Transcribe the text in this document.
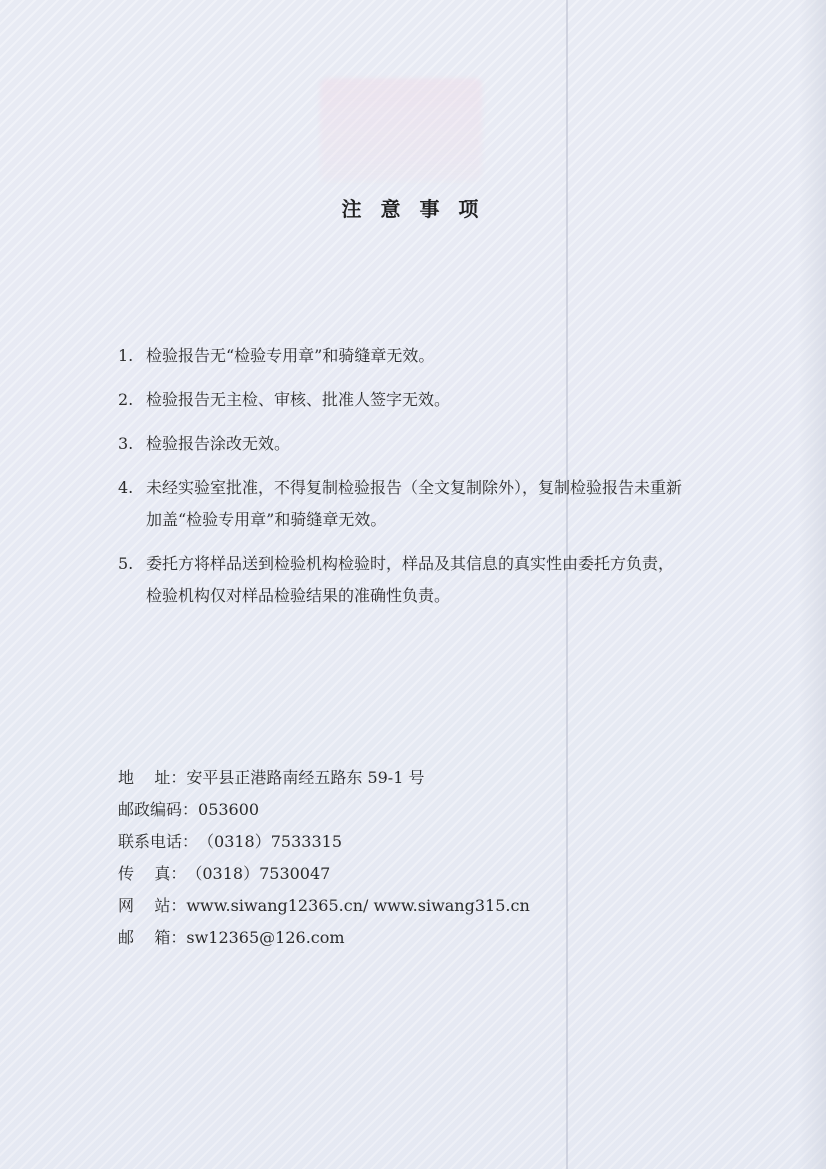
注 意 事 项
1. 检验报告无“检验专用章”和骑缝章无效。
2. 检验报告无主检、审核、批准人签字无效。
3. 检验报告涂改无效。
4. 未经实验室批准，不得复制检验报告（全文复制除外），复制检验报告未重新
加盖“检验专用章”和骑缝章无效。
5. 委托方将样品送到检验机构检验时，样品及其信息的真实性由委托方负责，
检验机构仅对样品检验结果的准确性负责。
地    址： 安平县正港路南经五路东 59-1 号
邮政编码： 053600
联系电话： （0318）7533315
传    真： （0318）7530047
网    站： www.siwang12365.cn/ www.siwang315.cn
邮    箱： sw12365@126.com
